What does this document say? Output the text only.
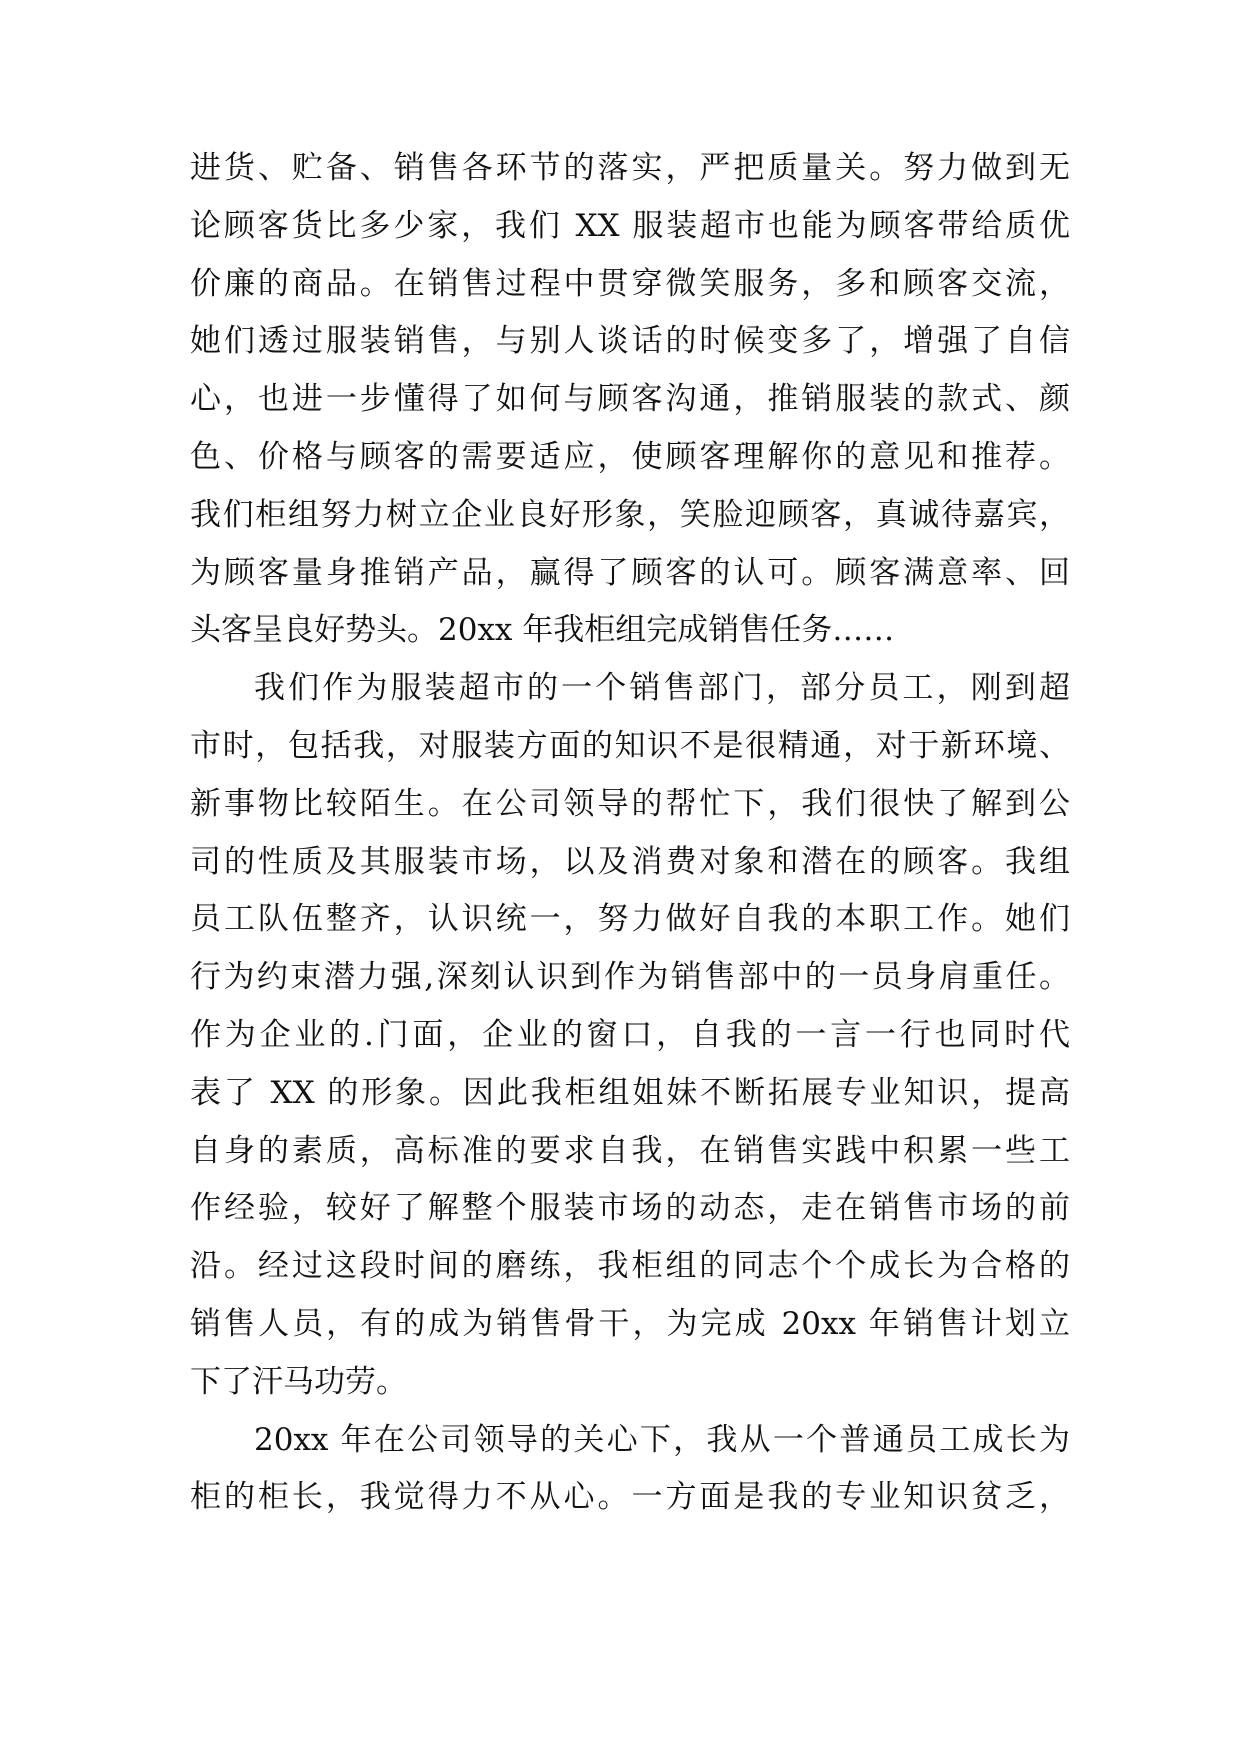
进货、贮备、销售各环节的落实，严把质量关。努力做到无
论顾客货比多少家，我们 XX 服装超市也能为顾客带给质优
价廉的商品。在销售过程中贯穿微笑服务，多和顾客交流，
她们透过服装销售，与别人谈话的时候变多了，增强了自信
心，也进一步懂得了如何与顾客沟通，推销服装的款式、颜
色、价格与顾客的需要适应，使顾客理解你的意见和推荐。
我们柜组努力树立企业良好形象，笑脸迎顾客，真诚待嘉宾，
为顾客量身推销产品，赢得了顾客的认可。顾客满意率、回
头客呈良好势头。20xx 年我柜组完成销售任务……
我们作为服装超市的一个销售部门，部分员工，刚到超
市时，包括我，对服装方面的知识不是很精通，对于新环境、
新事物比较陌生。在公司领导的帮忙下，我们很快了解到公
司的性质及其服装市场，以及消费对象和潜在的顾客。我组
员工队伍整齐，认识统一，努力做好自我的本职工作。她们
行为约束潜力强,深刻认识到作为销售部中的一员身肩重任。
作为企业的.门面，企业的窗口，自我的一言一行也同时代
表了 XX 的形象。因此我柜组姐妹不断拓展专业知识，提高
自身的素质，高标准的要求自我，在销售实践中积累一些工
作经验，较好了解整个服装市场的动态，走在销售市场的前
沿。经过这段时间的磨练，我柜组的同志个个成长为合格的
销售人员，有的成为销售骨干，为完成 20xx 年销售计划立
下了汗马功劳。
20xx 年在公司领导的关心下，我从一个普通员工成长为
柜的柜长，我觉得力不从心。一方面是我的专业知识贫乏，
